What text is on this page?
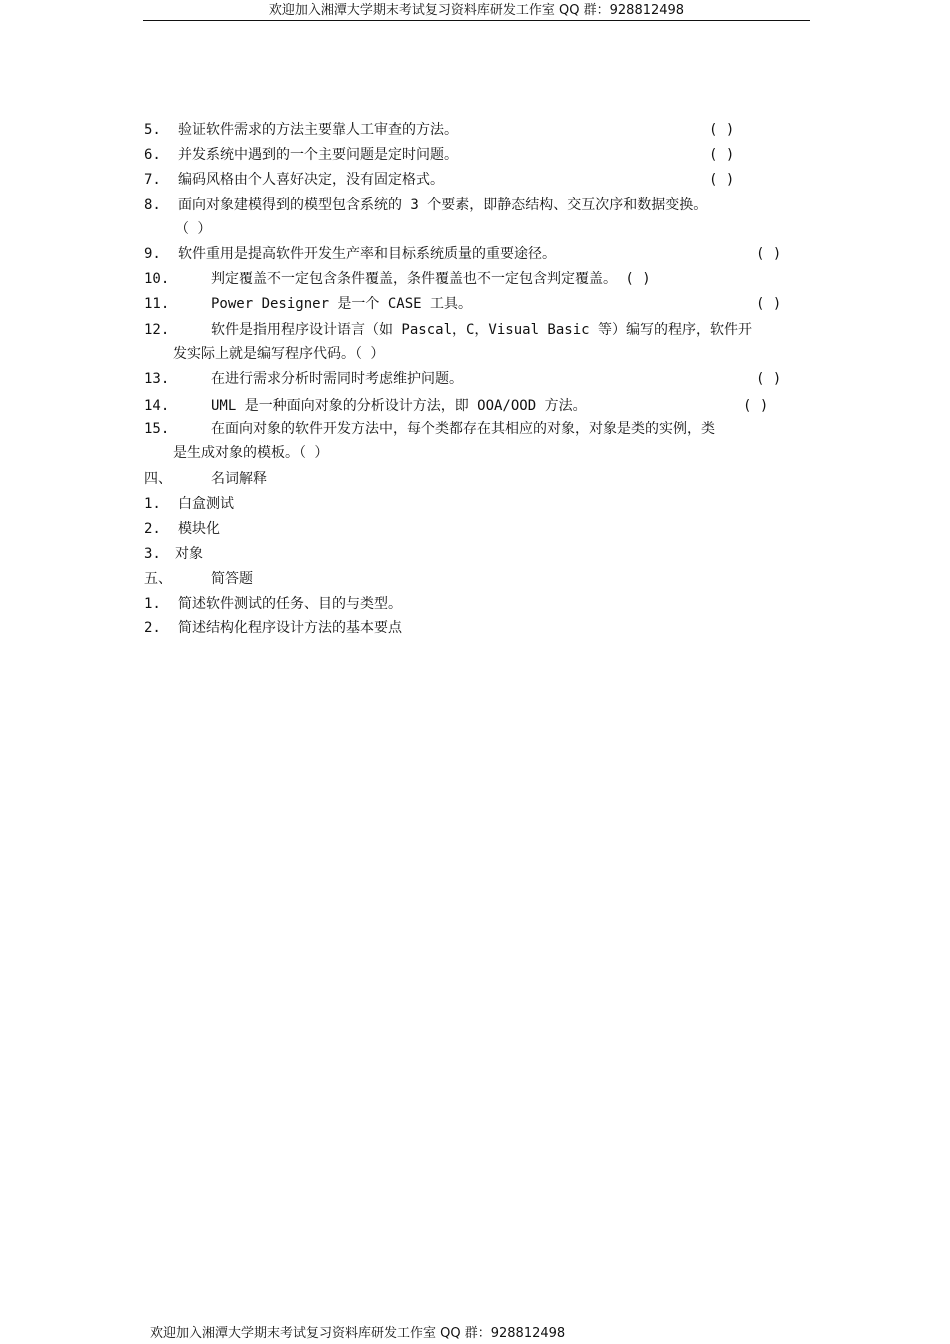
欢迎加入湘潭大学期末考试复习资料库研发工作室 QQ 群：928812498
5. 验证软件需求的方法主要靠人工审查的方法。	( )
6. 并发系统中遇到的一个主要问题是定时问题。	( )
7. 编码风格由个人喜好决定，没有固定格式。	( )
8. 面向对象建模得到的模型包含系统的 3 个要素，即静态结构、交互次序和数据变换。
（ ）
9. 软件重用是提高软件开发生产率和目标系统质量的重要途径。	( )
10.	判定覆盖不一定包含条件覆盖，条件覆盖也不一定包含判定覆盖。 ( )
11.	Power Designer 是一个 CASE 工具。	( )
12.	软件是指用程序设计语言（如 Pascal，C，Visual Basic 等）编写的程序，软件开
发实际上就是编写程序代码。（ ）
13.	在进行需求分析时需同时考虑维护问题。	( )
14.	UML 是一种面向对象的分析设计方法，即 OOA/OOD 方法。	( )
15.	在面向对象的软件开发方法中，每个类都存在其相应的对象，对象是类的实例，类
是生成对象的模板。（ ）
四、	名词解释
1. 白盒测试
2. 模块化
3. 对象
五、	简答题
1. 简述软件测试的任务、目的与类型。
2. 简述结构化程序设计方法的基本要点
欢迎加入湘潭大学期末考试复习资料库研发工作室 QQ 群：928812498
